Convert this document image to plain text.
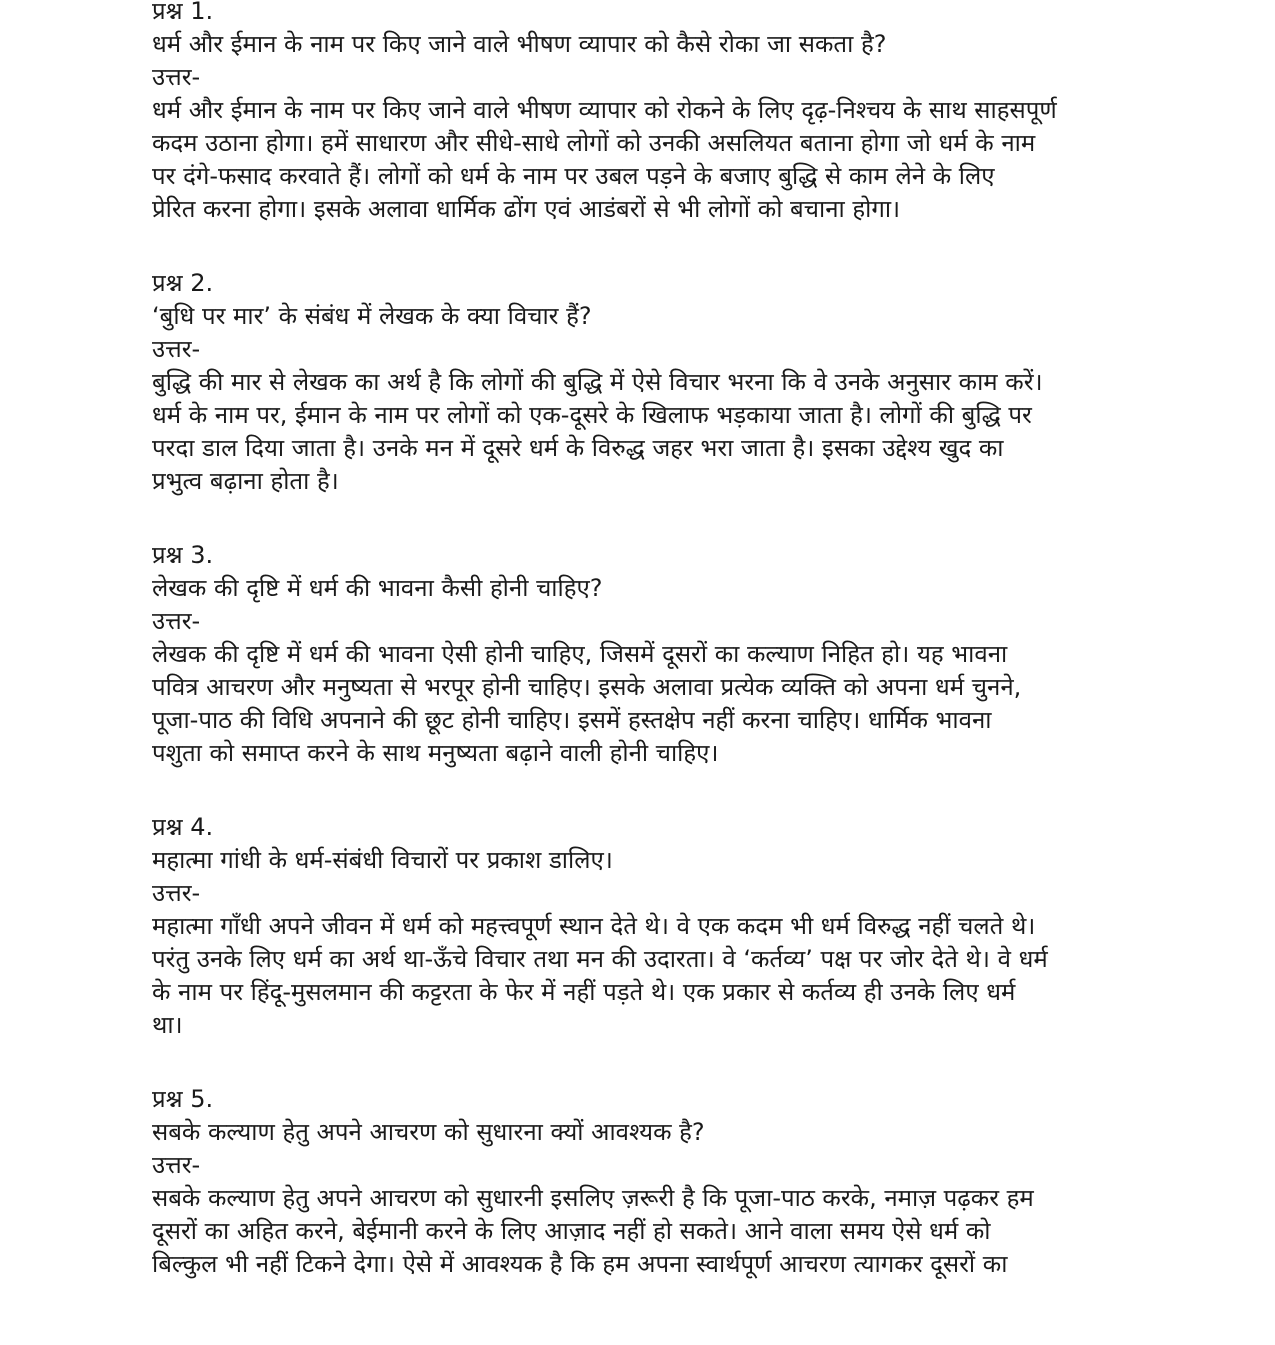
प्रश्न 1.
धर्म और ईमान के नाम पर किए जाने वाले भीषण व्यापार को कैसे रोका जा सकता है?
उत्तर-
धर्म और ईमान के नाम पर किए जाने वाले भीषण व्यापार को रोकने के लिए दृढ़-निश्चय के साथ साहसपूर्ण
कदम उठाना होगा। हमें साधारण और सीधे-साधे लोगों को उनकी असलियत बताना होगा जो धर्म के नाम
पर दंगे-फसाद करवाते हैं। लोगों को धर्म के नाम पर उबल पड़ने के बजाए बुद्धि से काम लेने के लिए
प्रेरित करना होगा। इसके अलावा धार्मिक ढोंग एवं आडंबरों से भी लोगों को बचाना होगा।
प्रश्न 2.
‘बुधि पर मार’ के संबंध में लेखक के क्या विचार हैं?
उत्तर-
बुद्धि की मार से लेखक का अर्थ है कि लोगों की बुद्धि में ऐसे विचार भरना कि वे उनके अनुसार काम करें।
धर्म के नाम पर, ईमान के नाम पर लोगों को एक-दूसरे के खिलाफ भड़काया जाता है। लोगों की बुद्धि पर
परदा डाल दिया जाता है। उनके मन में दूसरे धर्म के विरुद्ध जहर भरा जाता है। इसका उद्देश्य खुद का
प्रभुत्व बढ़ाना होता है।
प्रश्न 3.
लेखक की दृष्टि में धर्म की भावना कैसी होनी चाहिए?
उत्तर-
लेखक की दृष्टि में धर्म की भावना ऐसी होनी चाहिए, जिसमें दूसरों का कल्याण निहित हो। यह भावना
पवित्र आचरण और मनुष्यता से भरपूर होनी चाहिए। इसके अलावा प्रत्येक व्यक्ति को अपना धर्म चुनने,
पूजा-पाठ की विधि अपनाने की छूट होनी चाहिए। इसमें हस्तक्षेप नहीं करना चाहिए। धार्मिक भावना
पशुता को समाप्त करने के साथ मनुष्यता बढ़ाने वाली होनी चाहिए।
प्रश्न 4.
महात्मा गांधी के धर्म-संबंधी विचारों पर प्रकाश डालिए।
उत्तर-
महात्मा गाँधी अपने जीवन में धर्म को महत्त्वपूर्ण स्थान देते थे। वे एक कदम भी धर्म विरुद्ध नहीं चलते थे।
परंतु उनके लिए धर्म का अर्थ था-ऊँचे विचार तथा मन की उदारता। वे ‘कर्तव्य’ पक्ष पर जोर देते थे। वे धर्म
के नाम पर हिंदू-मुसलमान की कट्टरता के फेर में नहीं पड़ते थे। एक प्रकार से कर्तव्य ही उनके लिए धर्म
था।
प्रश्न 5.
सबके कल्याण हेतु अपने आचरण को सुधारना क्यों आवश्यक है?
उत्तर-
सबके कल्याण हेतु अपने आचरण को सुधारनी इसलिए ज़रूरी है कि पूजा-पाठ करके, नमाज़ पढ़कर हम
दूसरों का अहित करने, बेईमानी करने के लिए आज़ाद नहीं हो सकते। आने वाला समय ऐसे धर्म को
बिल्कुल भी नहीं टिकने देगा। ऐसे में आवश्यक है कि हम अपना स्वार्थपूर्ण आचरण त्यागकर दूसरों का
